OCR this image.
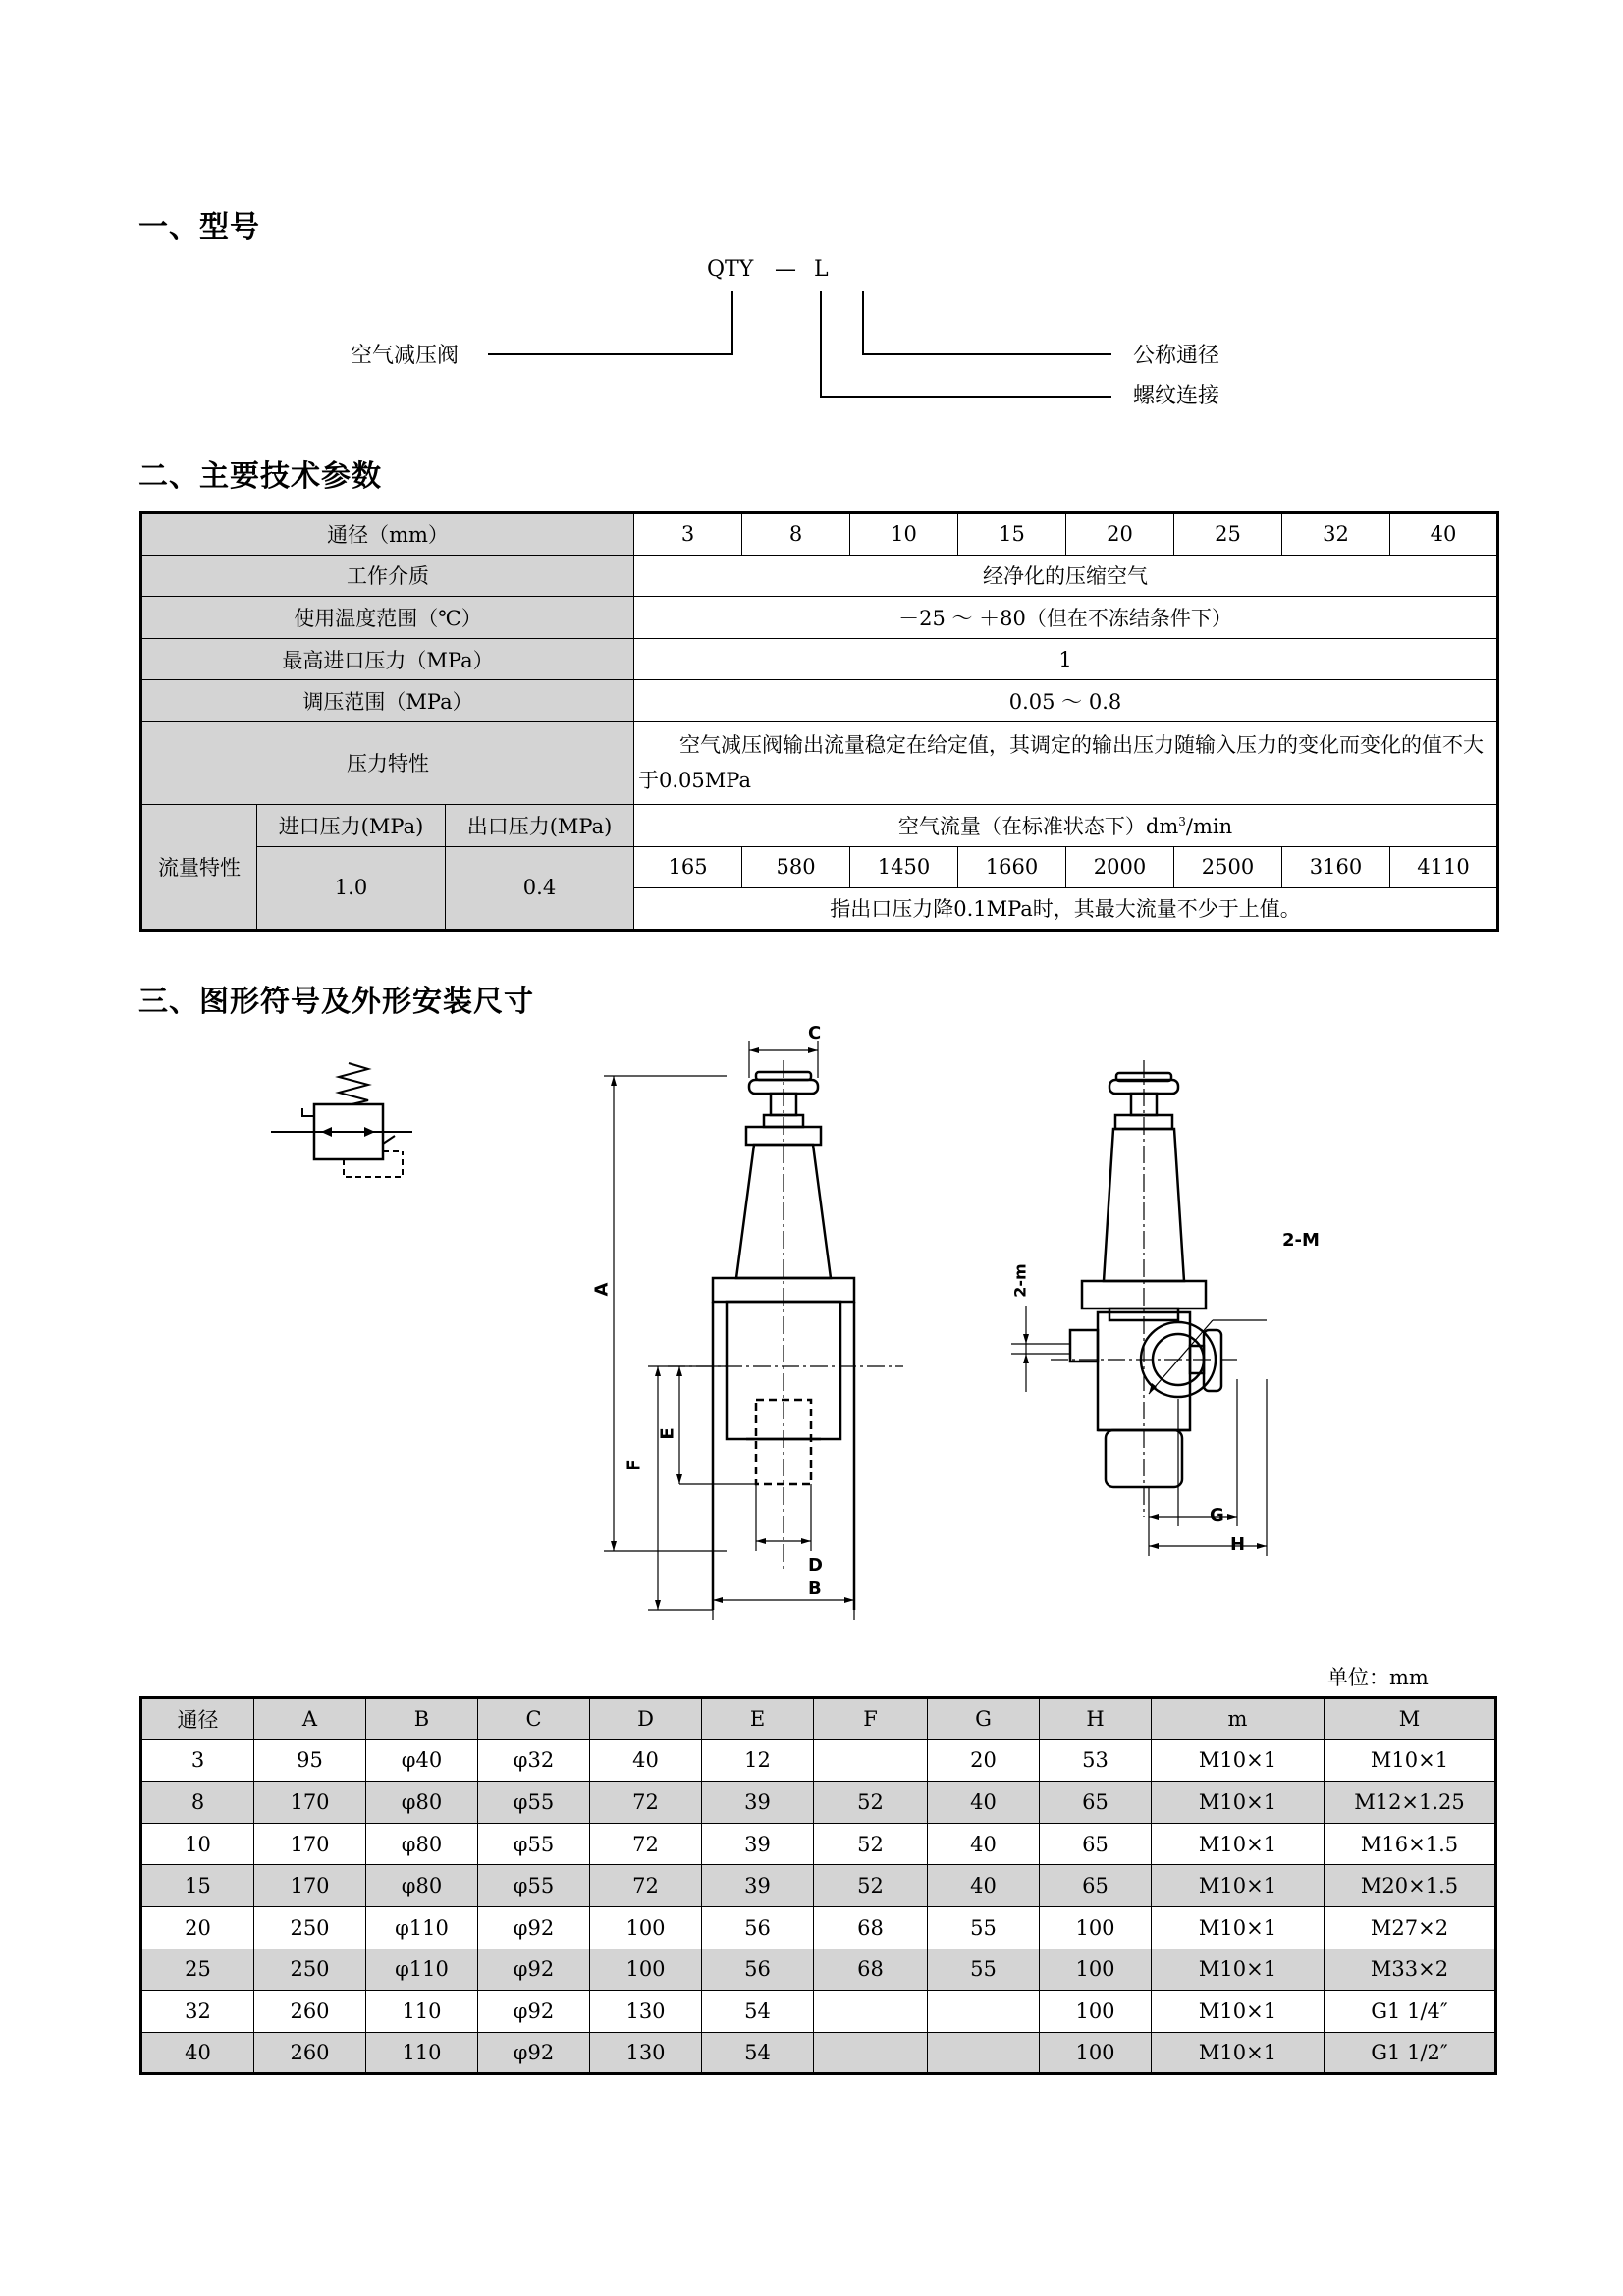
一、型号
QTY — L
空气减压阀	公称通径
螺纹连接
二、主要技术参数
通径（mm）			3	8	10	15	20	25	32	40
工作介质			经净化的压缩空气							
使用温度范围（℃）			－25 ～ ＋80（但在不冻结条件下）							
最高进口压力（MPa）			1							
调压范围（MPa）			0.05 ～ 0.8							
压力特性			空气减压阀输出流量稳定在给定值，其调定的输出压力随输入压力的变化而变化的值不大于0.05MPa							
流量特性	进口压力(MPa)	出口压力(MPa)	空气流量（在标准状态下）$dm^3/\min$							
	1.0	0.4	165	580	1450	1660	2000	2500	3160	4110
			指出口压力降0.1MPa时，其最大流量不少于上值。							
三、图形符号及外形安装尺寸
C
A
F
E
D
B
2-M
2-m
G
H
单位：mm
通径	A	B	C	D	E	F	G	H	m	M
3	95	φ40	φ32	40	12		20	53	M10×1	M10×1
8	170	φ80	φ55	72	39	52	40	65	M10×1	M12×1.25
10	170	φ80	φ55	72	39	52	40	65	M10×1	M16×1.5
15	170	φ80	φ55	72	39	52	40	65	M10×1	M20×1.5
20	250	φ110	φ92	100	56	68	55	100	M10×1	M27×2
25	250	φ110	φ92	100	56	68	55	100	M10×1	M33×2
32	260	110	φ92	130	54			100	M10×1	G1 1/4″
40	260	110	φ92	130	54			100	M10×1	G1 1/2″
